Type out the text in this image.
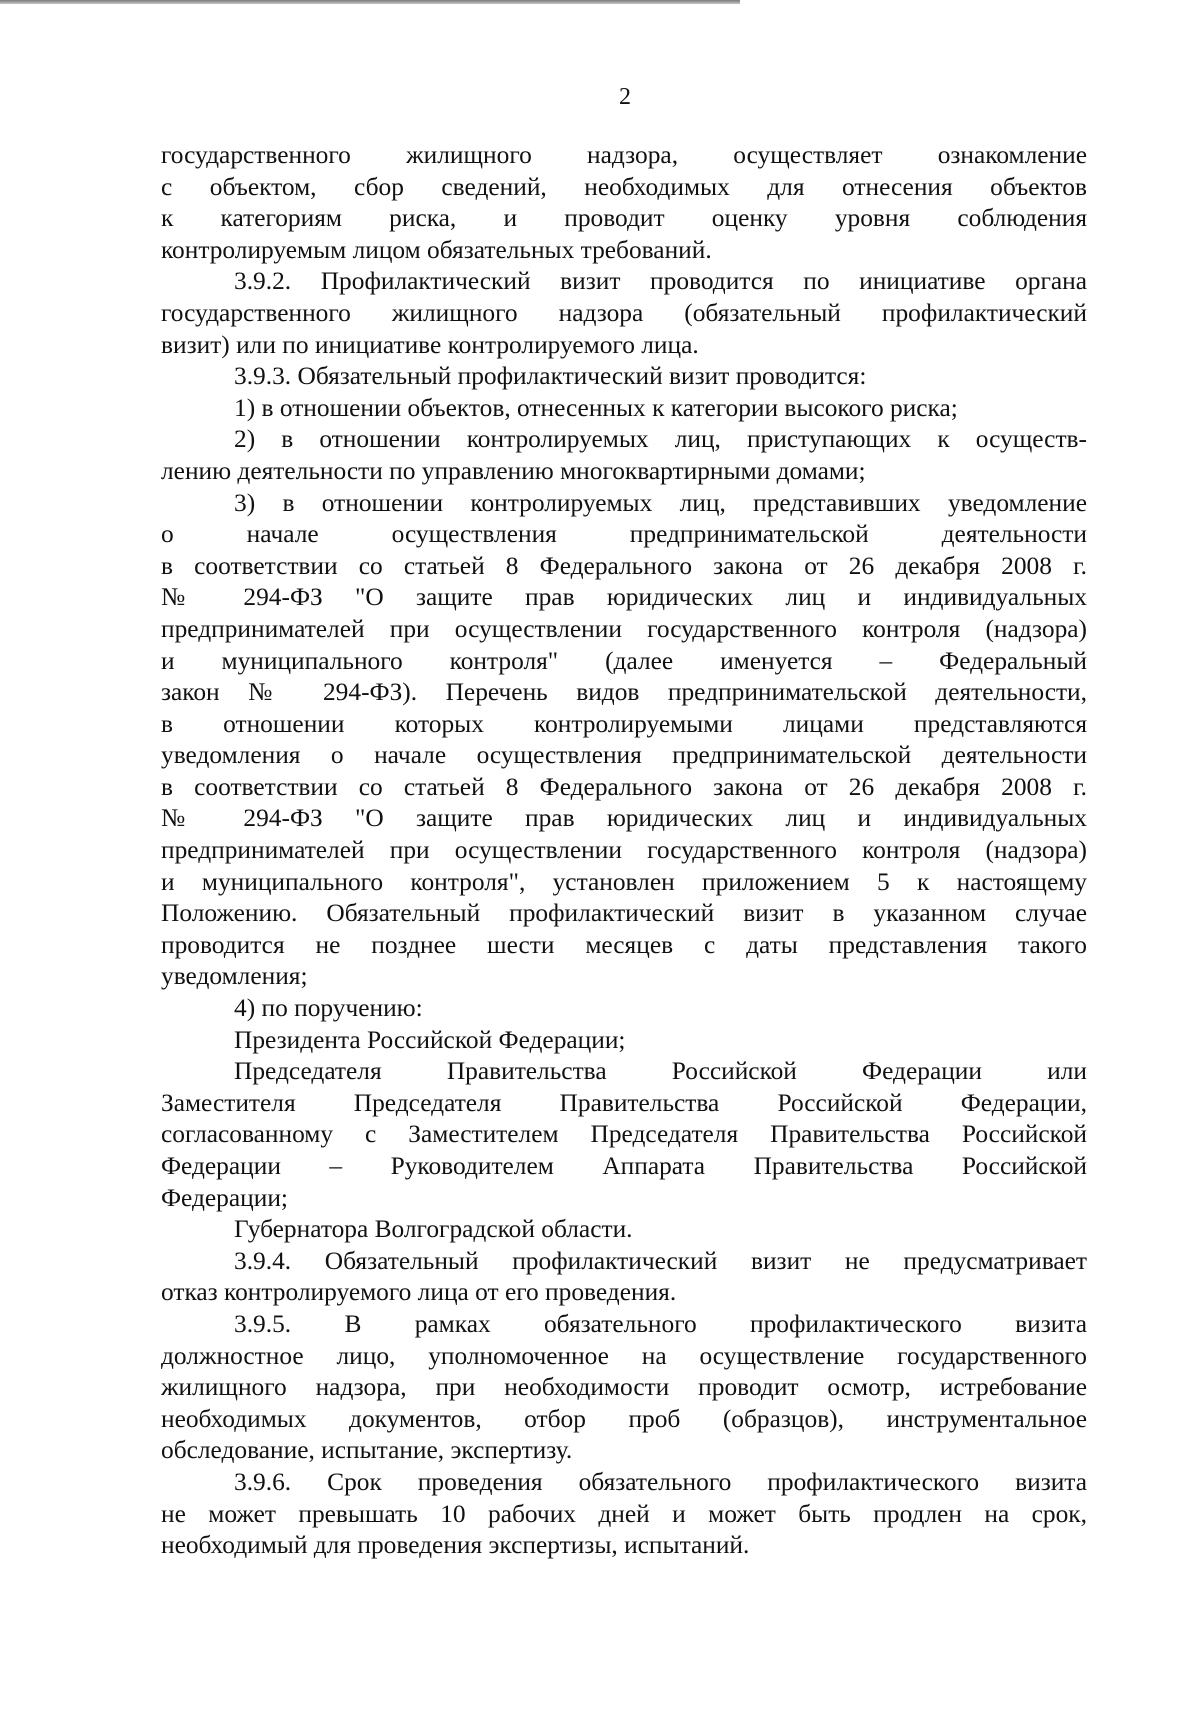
2
государственного жилищного надзора, осуществляет ознакомление
с объектом, сбор сведений, необходимых для отнесения объектов
к категориям риска, и проводит оценку уровня соблюдения
контролируемым лицом обязательных требований.
3.9.2. Профилактический визит проводится по инициативе органа
государственного жилищного надзора (обязательный профилактический
визит) или по инициативе контролируемого лица.
3.9.3. Обязательный профилактический визит проводится:
1) в отношении объектов, отнесенных к категории высокого риска;
2) в отношении контролируемых лиц, приступающих к осуществ-
лению деятельности по управлению многоквартирными домами;
3) в отношении контролируемых лиц, представивших уведомление
о начале осуществления предпринимательской деятельности
в соответствии со статьей 8 Федерального закона от 26 декабря 2008 г.
№ 294-ФЗ "О защите прав юридических лиц и индивидуальных
предпринимателей при осуществлении государственного контроля (надзора)
и муниципального контроля" (далее именуется – Федеральный
закон № 294-ФЗ). Перечень видов предпринимательской деятельности,
в отношении которых контролируемыми лицами представляются
уведомления о начале осуществления предпринимательской деятельности
в соответствии со статьей 8 Федерального закона от 26 декабря 2008 г.
№ 294-ФЗ "О защите прав юридических лиц и индивидуальных
предпринимателей при осуществлении государственного контроля (надзора)
и муниципального контроля", установлен приложением 5 к настоящему
Положению. Обязательный профилактический визит в указанном случае
проводится не позднее шести месяцев с даты представления такого
уведомления;
4) по поручению:
Президента Российской Федерации;
Председателя Правительства Российской Федерации или
Заместителя Председателя Правительства Российской Федерации,
согласованному с Заместителем Председателя Правительства Российской
Федерации – Руководителем Аппарата Правительства Российской
Федерации;
Губернатора Волгоградской области.
3.9.4. Обязательный профилактический визит не предусматривает
отказ контролируемого лица от его проведения.
3.9.5. В рамках обязательного профилактического визита
должностное лицо, уполномоченное на осуществление государственного
жилищного надзора, при необходимости проводит осмотр, истребование
необходимых документов, отбор проб (образцов), инструментальное
обследование, испытание, экспертизу.
3.9.6. Срок проведения обязательного профилактического визита
не может превышать 10 рабочих дней и может быть продлен на срок,
необходимый для проведения экспертизы, испытаний.
